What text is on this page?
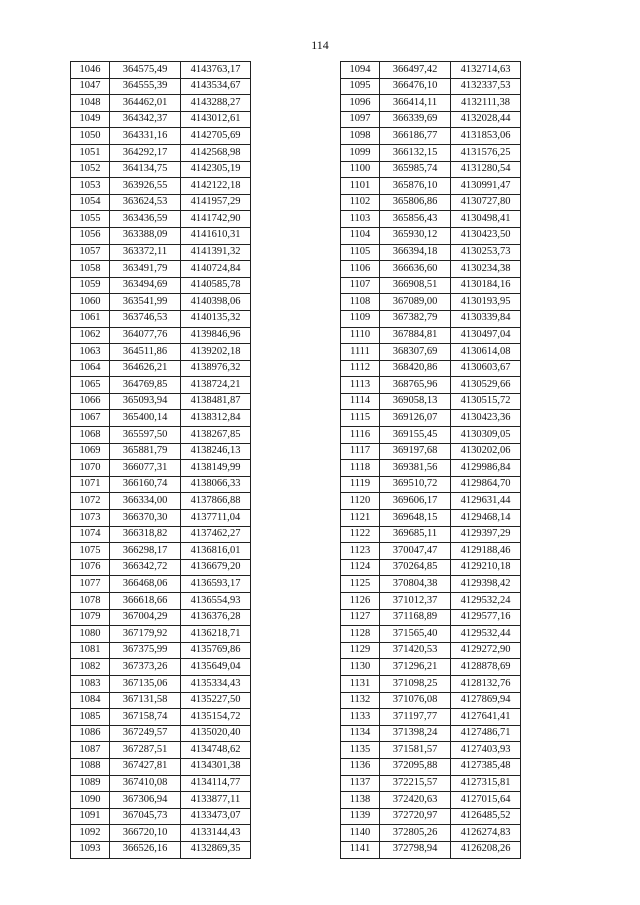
114
1046	364575,49	4143763,17
1047	364555,39	4143534,67
1048	364462,01	4143288,27
1049	364342,37	4143012,61
1050	364331,16	4142705,69
1051	364292,17	4142568,98
1052	364134,75	4142305,19
1053	363926,55	4142122,18
1054	363624,53	4141957,29
1055	363436,59	4141742,90
1056	363388,09	4141610,31
1057	363372,11	4141391,32
1058	363491,79	4140724,84
1059	363494,69	4140585,78
1060	363541,99	4140398,06
1061	363746,53	4140135,32
1062	364077,76	4139846,96
1063	364511,86	4139202,18
1064	364626,21	4138976,32
1065	364769,85	4138724,21
1066	365093,94	4138481,87
1067	365400,14	4138312,84
1068	365597,50	4138267,85
1069	365881,79	4138246,13
1070	366077,31	4138149,99
1071	366160,74	4138066,33
1072	366334,00	4137866,88
1073	366370,30	4137711,04
1074	366318,82	4137462,27
1075	366298,17	4136816,01
1076	366342,72	4136679,20
1077	366468,06	4136593,17
1078	366618,66	4136554,93
1079	367004,29	4136376,28
1080	367179,92	4136218,71
1081	367375,99	4135769,86
1082	367373,26	4135649,04
1083	367135,06	4135334,43
1084	367131,58	4135227,50
1085	367158,74	4135154,72
1086	367249,57	4135020,40
1087	367287,51	4134748,62
1088	367427,81	4134301,38
1089	367410,08	4134114,77
1090	367306,94	4133877,11
1091	367045,73	4133473,07
1092	366720,10	4133144,43
1093	366526,16	4132869,35
1094	366497,42	4132714,63
1095	366476,10	4132337,53
1096	366414,11	4132111,38
1097	366339,69	4132028,44
1098	366186,77	4131853,06
1099	366132,15	4131576,25
1100	365985,74	4131280,54
1101	365876,10	4130991,47
1102	365806,86	4130727,80
1103	365856,43	4130498,41
1104	365930,12	4130423,50
1105	366394,18	4130253,73
1106	366636,60	4130234,38
1107	366908,51	4130184,16
1108	367089,00	4130193,95
1109	367382,79	4130339,84
1110	367884,81	4130497,04
1111	368307,69	4130614,08
1112	368420,86	4130603,67
1113	368765,96	4130529,66
1114	369058,13	4130515,72
1115	369126,07	4130423,36
1116	369155,45	4130309,05
1117	369197,68	4130202,06
1118	369381,56	4129986,84
1119	369510,72	4129864,70
1120	369606,17	4129631,44
1121	369648,15	4129468,14
1122	369685,11	4129397,29
1123	370047,47	4129188,46
1124	370264,85	4129210,18
1125	370804,38	4129398,42
1126	371012,37	4129532,24
1127	371168,89	4129577,16
1128	371565,40	4129532,44
1129	371420,53	4129272,90
1130	371296,21	4128878,69
1131	371098,25	4128132,76
1132	371076,08	4127869,94
1133	371197,77	4127641,41
1134	371398,24	4127486,71
1135	371581,57	4127403,93
1136	372095,88	4127385,48
1137	372215,57	4127315,81
1138	372420,63	4127015,64
1139	372720,97	4126485,52
1140	372805,26	4126274,83
1141	372798,94	4126208,26
